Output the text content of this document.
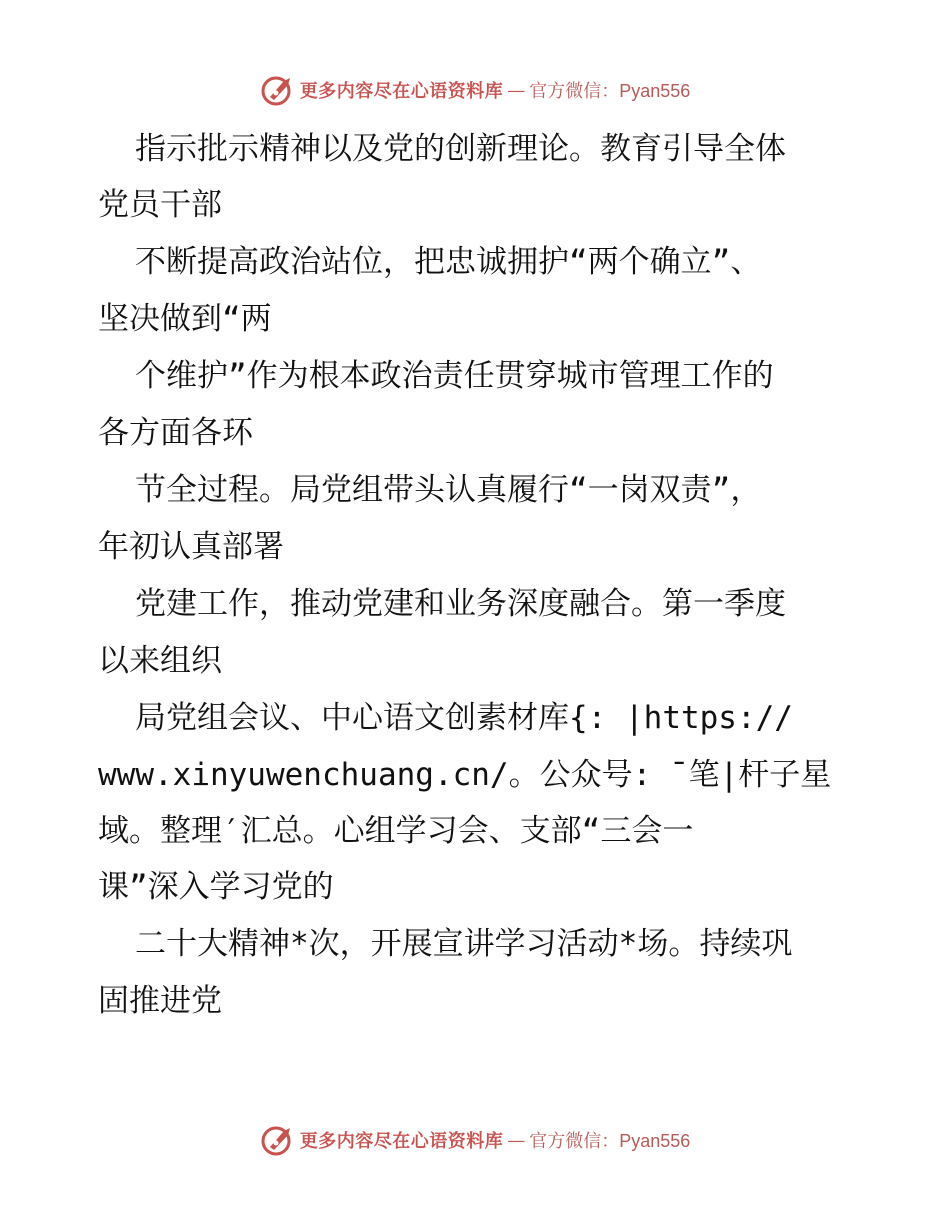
更多内容尽在心语资料库 — 官方微信：Pyan556
指示批示精神以及党的创新理论。教育引导全体
党员干部
不断提高政治站位，把忠诚拥护“两个确立”、
坚决做到“两
个维护”作为根本政治责任贯穿城市管理工作的
各方面各环
节全过程。局党组带头认真履行“一岗双责”，
年初认真部署
党建工作，推动党建和业务深度融合。第一季度
以来组织
局党组会议、中心语文创素材库{: |https://
www.xinyuwenchuang.cn/。公众号: ¯笔|杆子星
域。整理′汇总。心组学习会、支部“三会一
课”深入学习党的
二十大精神*次，开展宣讲学习活动*场。持续巩
固推进党
更多内容尽在心语资料库 — 官方微信：Pyan556
